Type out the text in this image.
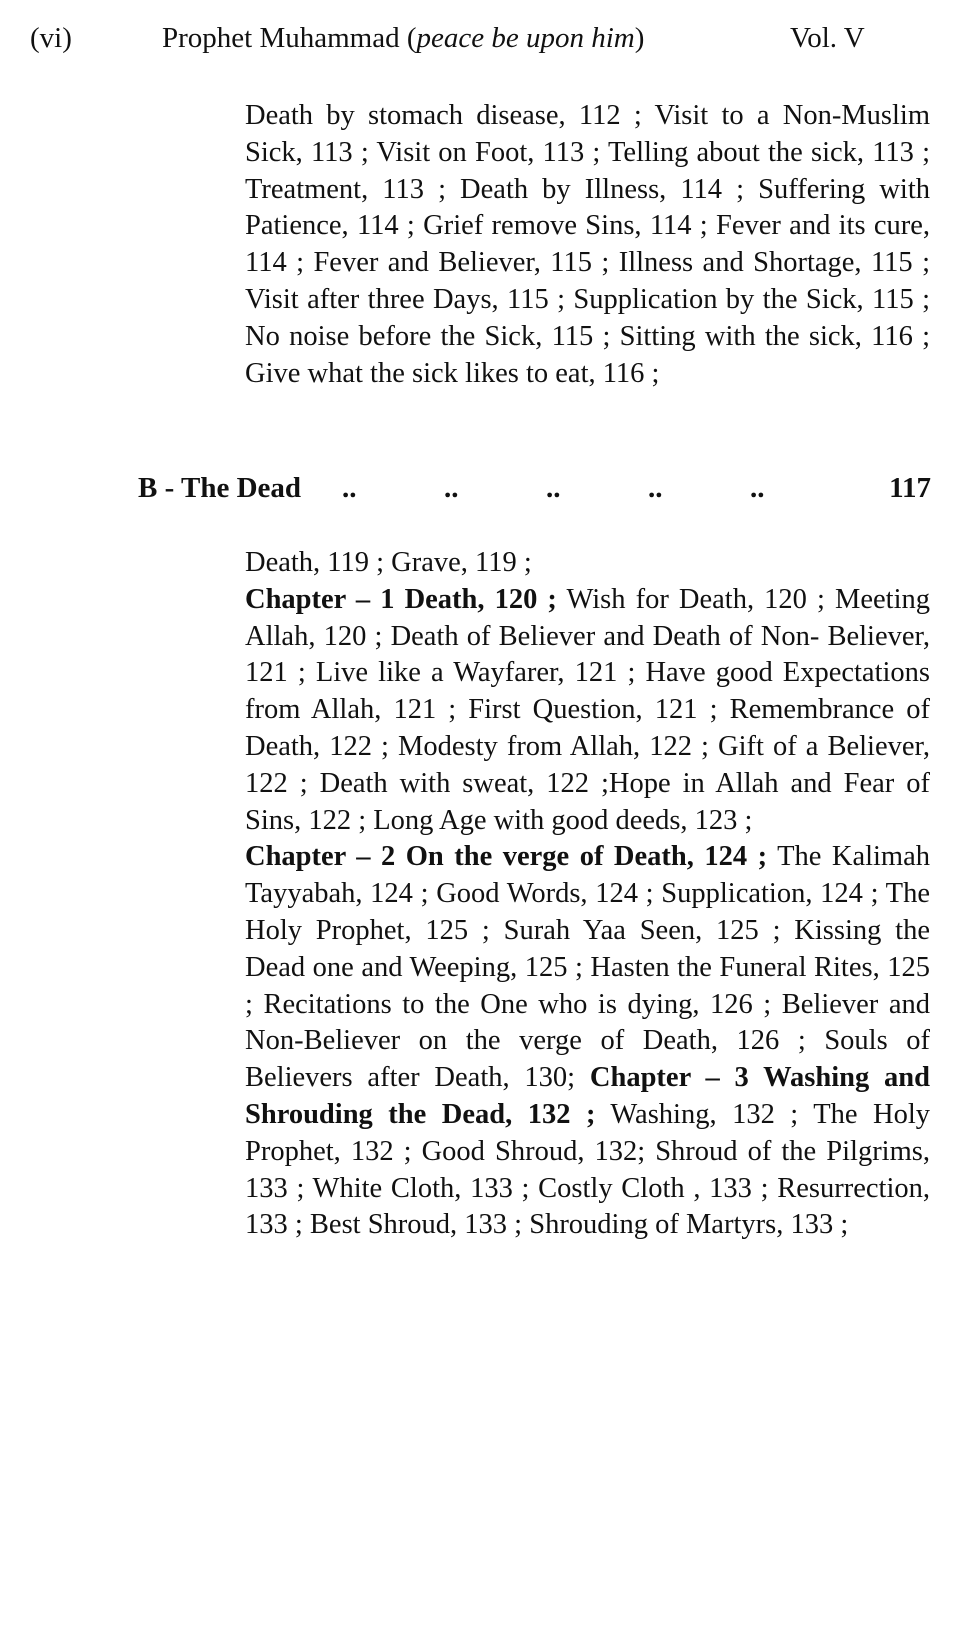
(vi)	Prophet Muhammad (peace be upon him)	Vol. V

Death by stomach disease, 112 ; Visit to a Non-Muslim Sick, 113 ; Visit on Foot, 113 ; Telling about the sick, 113 ; Treatment, 113 ; Death by Illness, 114 ; Suffering with Patience, 114 ; Grief remove Sins, 114 ; Fever and its cure, 114 ; Fever and Believer, 115 ; Illness and Shortage, 115 ; Visit after three Days, 115 ; Supplication by the Sick, 115 ; No noise before the Sick, 115 ; Sitting with the sick, 116 ; Give what the sick likes to eat, 116 ;

B - The Dead ..	..	..	..	..	117

Death, 119 ; Grave, 119 ;

Chapter – 1 Death, 120 ; Wish for Death, 120 ; Meeting Allah, 120 ; Death of Believer and Death of Non- Believer, 121 ; Live like a Wayfarer, 121 ; Have good Expectations from Allah, 121 ; First Question, 121 ; Remembrance of Death, 122 ; Modesty from Allah, 122 ; Gift of a Believer, 122 ; Death with sweat, 122 ;Hope in Allah and Fear of Sins, 122 ; Long Age with good deeds, 123 ;

Chapter – 2 On the verge of Death, 124 ; The Kalimah Tayyabah, 124 ; Good Words, 124 ; Supplication, 124 ; The Holy Prophet, 125 ; Surah Yaa Seen, 125 ; Kissing the Dead one and Weeping, 125 ; Hasten the Funeral Rites, 125 ; Recitations to the One who is dying, 126 ; Believer and Non-Believer on the verge of Death, 126 ; Souls of Believers after Death, 130; Chapter – 3 Washing and Shrouding the Dead, 132 ; Washing, 132 ; The Holy Prophet, 132 ; Good Shroud, 132; Shroud of the Pilgrims, 133 ; White Cloth, 133 ; Costly Cloth , 133 ; Resurrection, 133 ; Best Shroud, 133 ; Shrouding of Martyrs, 133 ;
